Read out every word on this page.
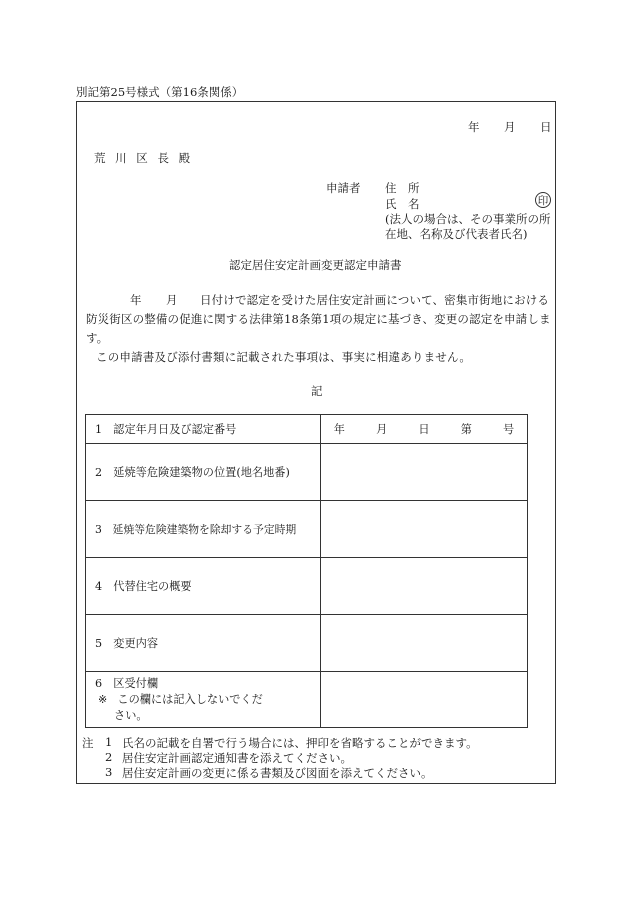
別記第25号様式（第16条関係）
年 月 日
荒 川 区 長 殿
申請者 住　所
氏　名	印
(法人の場合は、その事業所の所
在地、名称及び代表者氏名)
認定居住安定計画変更認定申請書
年 月 日付けで認定を受けた居住安定計画について、密集市街地における
防災街区の整備の促進に関する法律第18条第1項の規定に基づき、変更の認定を申請しま
す。
この申請書及び添付書類に記載された事項は、事実に相違ありません。
記
1　認定年月日及び認定番号	年 月 日 第 号
2　延焼等危険建築物の位置(地名地番)	
3　延焼等危険建築物を除却する予定時期	
4　代替住宅の概要	
5　変更内容	

6　区受付欄
※ この欄には記入しないでくだ
さい。	

注 1 氏名の記載を自署で行う場合には、押印を省略することができます。
2 居住安定計画認定通知書を添えてください。
3 居住安定計画の変更に係る書類及び図面を添えてください。
